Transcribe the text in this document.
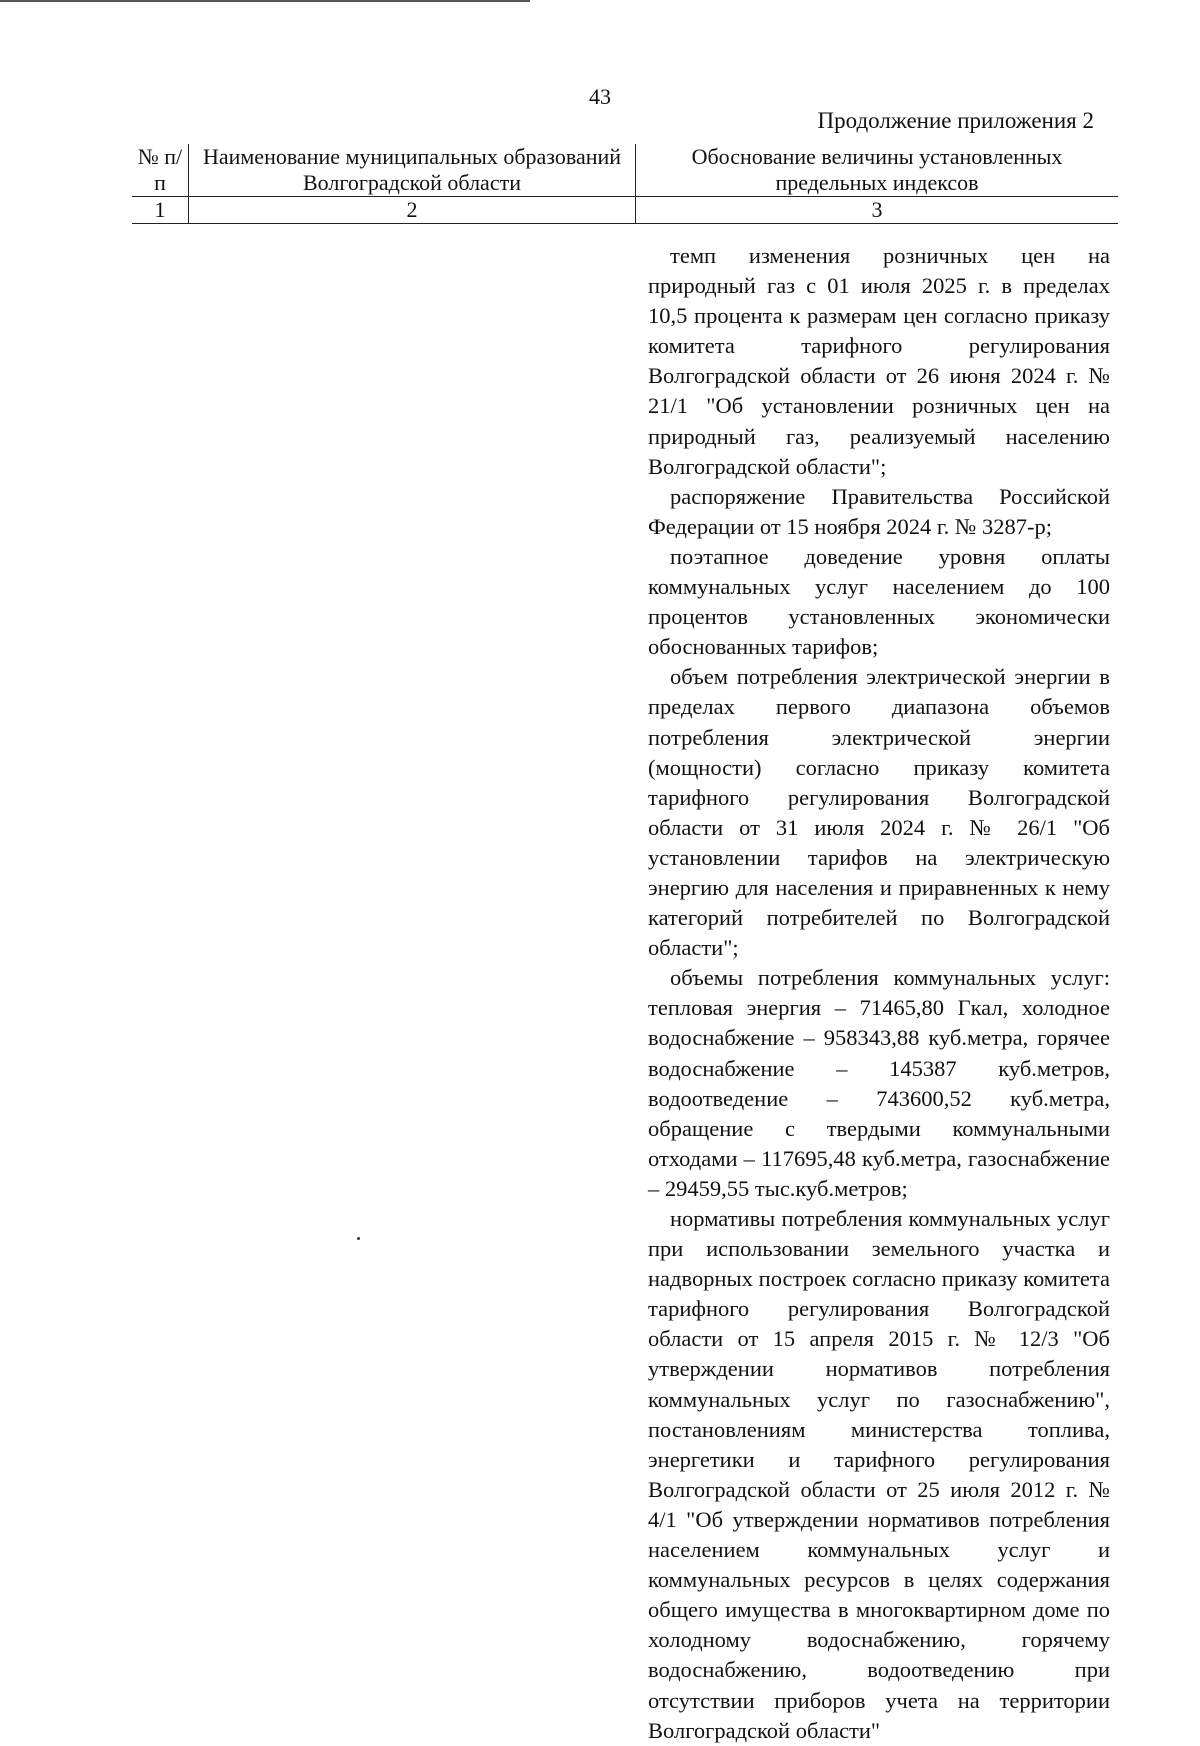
43
Продолжение приложения 2
№ п/п	Наименование муниципальных образований Волгоградской области	Обоснование величины установленных предельных индексов
1	2	3

темп изменения розничных цен на природный газ с 01 июля 2025 г. в пределах 10,5 процента к размерам цен согласно приказу комитета тарифного регулирования Волгоградской области от 26 июня 2024 г. № 21/1 "Об установлении розничных цен на природный газ, реализуемый населению Волгоградской области";

распоряжение Правительства Российской Федерации от 15 ноября 2024 г. № 3287-р;

поэтапное доведение уровня оплаты коммунальных услуг населением до 100 процентов установленных экономически обоснованных тарифов;

объем потребления электрической энергии в пределах первого диапазона объемов потребления электрической энергии (мощности) согласно приказу комитета тарифного регулирования Волгоградской области от 31 июля 2024 г. № 26/1 "Об установлении тарифов на электрическую энергию для населения и приравненных к нему категорий потребителей по Волгоградской области";

объемы потребления коммунальных услуг: тепловая энергия – 71465,80 Гкал, холодное водоснабжение – 958343,88 куб.метра, горячее водоснабжение – 145387 куб.метров, водоотведение – 743600,52 куб.метра, обращение с твердыми коммунальными отходами – 117695,48 куб.метра, газоснабжение – 29459,55 тыс.куб.метров;

нормативы потребления коммунальных услуг при использовании земельного участка и надворных построек согласно приказу комитета тарифного регулирования Волгоградской области от 15 апреля 2015 г. № 12/3 "Об утверждении нормативов потребления коммунальных услуг по газоснабжению", постановлениям министерства топлива, энергетики и тарифного регулирования Волгоградской области от 25 июля 2012 г. № 4/1 "Об утверждении нормативов потребления населением коммунальных услуг и коммунальных ресурсов в целях содержания общего имущества в многоквартирном доме по холодному водоснабжению, горячему водоснабжению, водоотведению при отсутствии приборов учета на территории Волгоградской области"
